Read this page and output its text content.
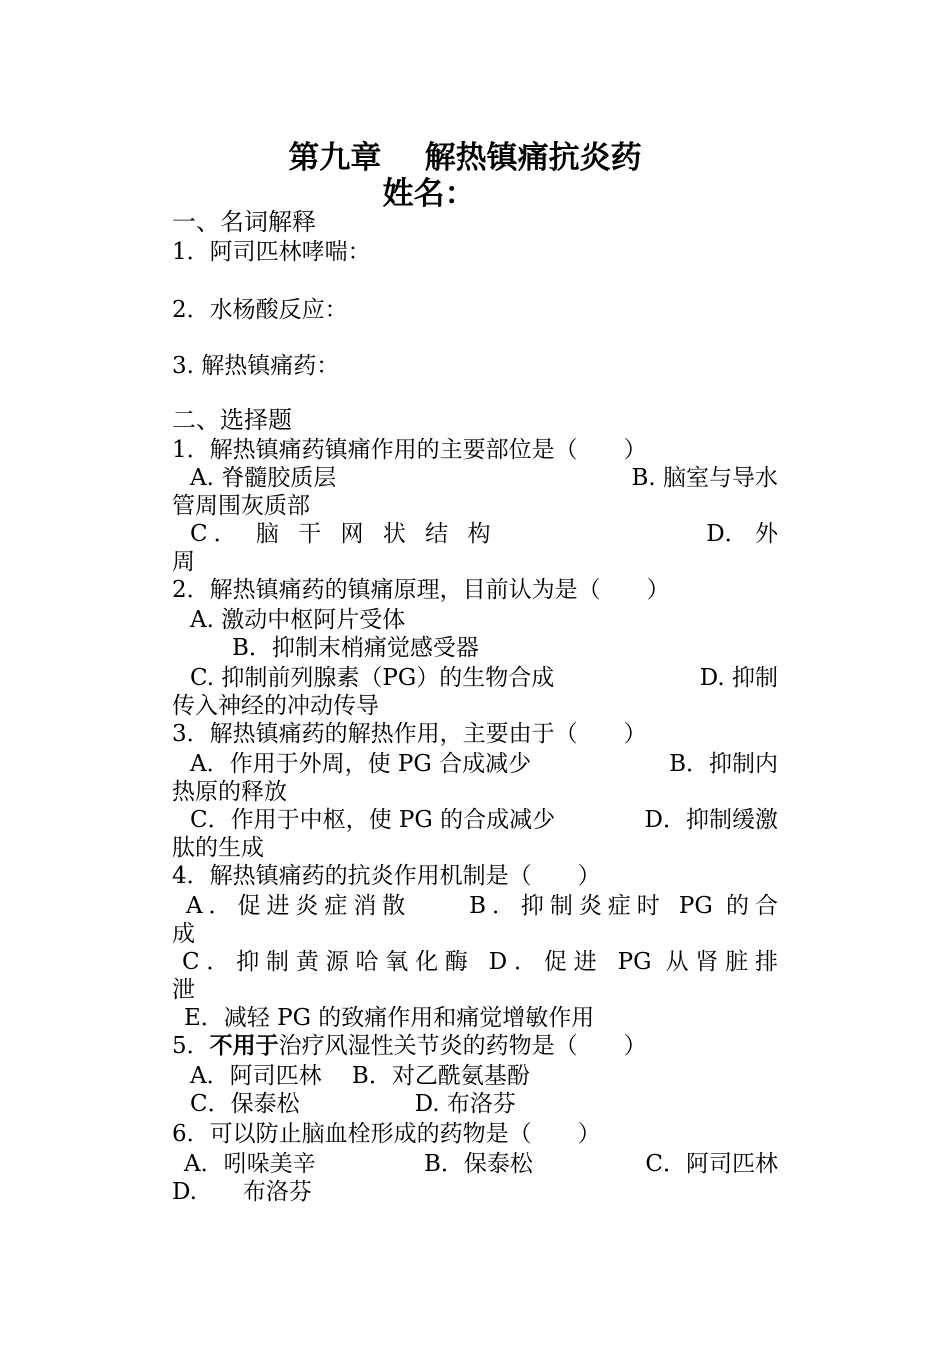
第九章    解热镇痛抗炎药
姓名：
一、名词解释
1．阿司匹林哮喘：
2．水杨酸反应：
3. 解热镇痛药：
二、选择题
1．解热镇痛药镇痛作用的主要部位是（　　）
A. 脊髓胶质层	B. 脑室与导水
管周围灰质部
C． 脑 干 网 状 结 构	D． 外
周
2．解热镇痛药的镇痛原理，目前认为是（　　）
A. 激动中枢阿片受体
B．抑制末梢痛觉感受器
C. 抑制前列腺素（PG）的生物合成	D. 抑制
传入神经的冲动传导
3．解热镇痛药的解热作用，主要由于（　　）
A．作用于外周，使 PG 合成减少	B．抑制内
热原的释放
C．作用于中枢，使 PG 的合成减少	D．抑制缓激
肽的生成
4．解热镇痛药的抗炎作用机制是（　　）
A．促进炎症消散　　B．抑制炎症时 PG 的合
成
C．抑制黄源哈氧化酶 D．促进 PG 从肾脏排
泄
E．减轻 PG 的致痛作用和痛觉增敏作用
5．不用于治疗风湿性关节炎的药物是（　　）
A．阿司匹林　 B．对乙酰氨基酚
C．保泰松　　　　　D. 布洛芬
6．可以防止脑血栓形成的药物是（　　）
A．吲哚美辛	B．保泰松	C．阿司匹林
D.　　布洛芬
